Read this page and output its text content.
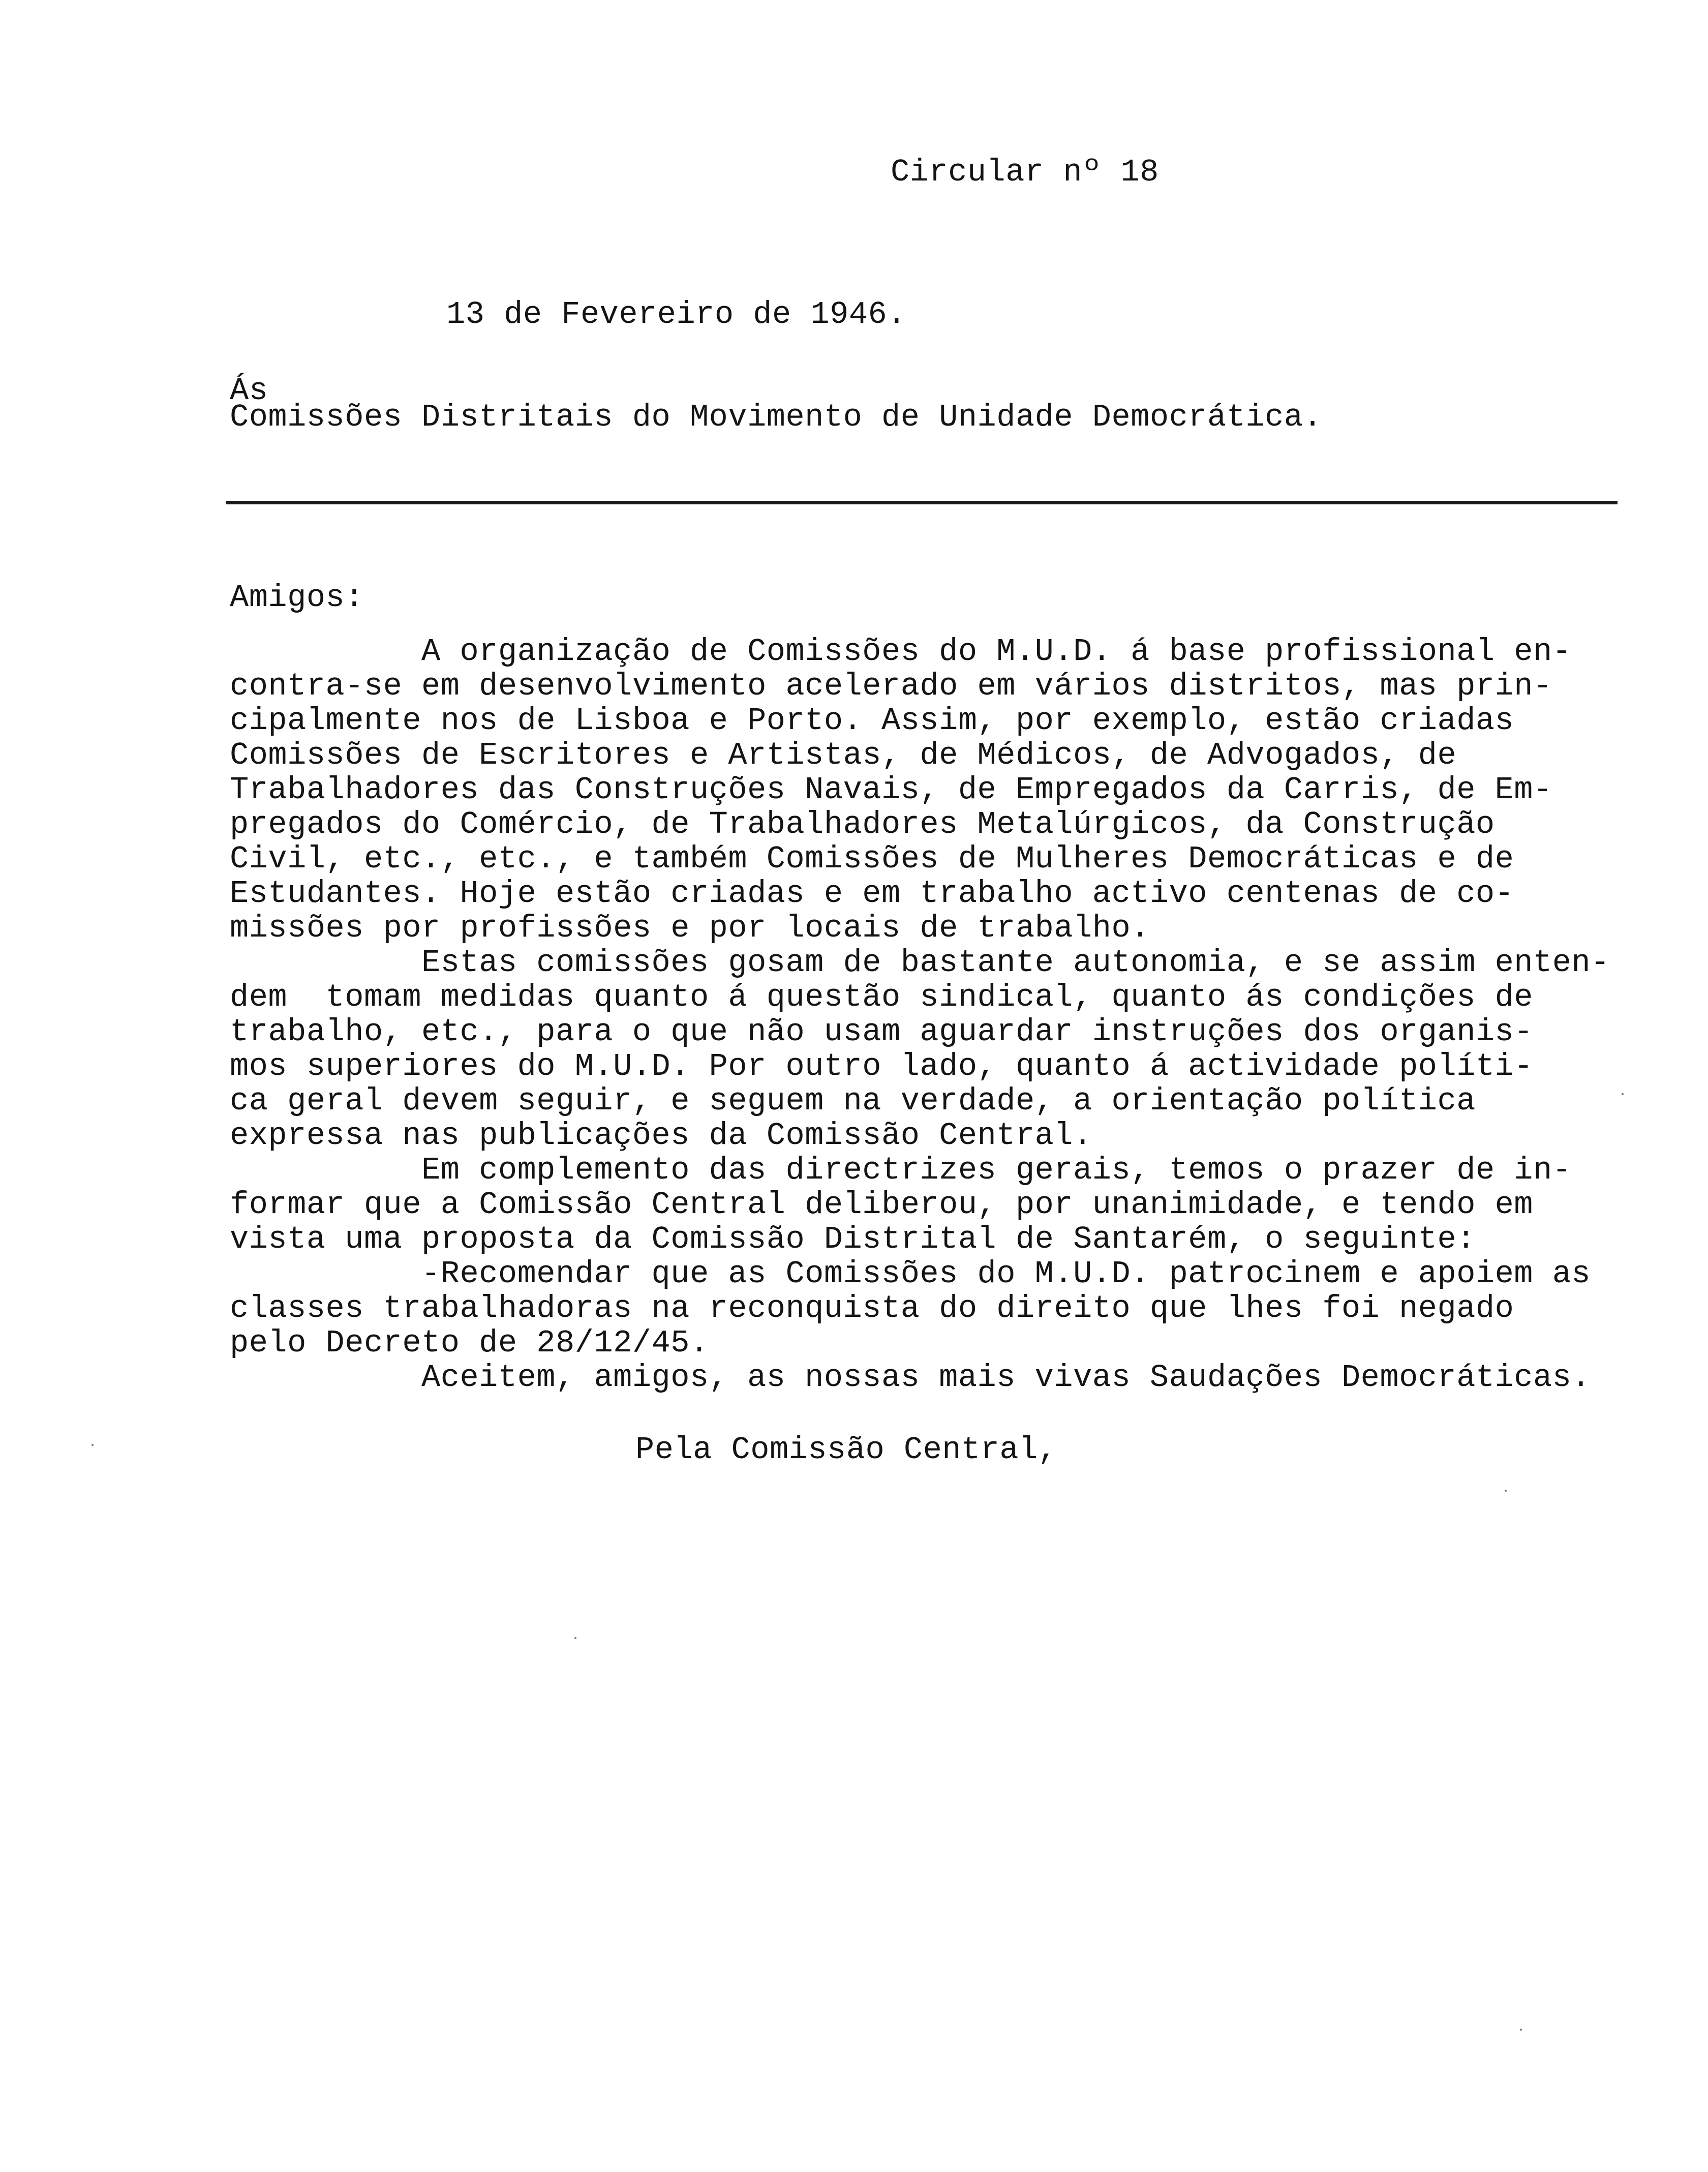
Circular nº 18
13 de Fevereiro de 1946.
Ás
Comissões Distritais do Movimento de Unidade Democrática.
Amigos:
A organização de Comissões do M.U.D. á base profissional en-
contra-se em desenvolvimento acelerado em vários distritos, mas prin-
cipalmente nos de Lisboa e Porto. Assim, por exemplo, estão criadas
Comissões de Escritores e Artistas, de Médicos, de Advogados, de
Trabalhadores das Construções Navais, de Empregados da Carris, de Em-
pregados do Comércio, de Trabalhadores Metalúrgicos, da Construção
Civil, etc., etc., e também Comissões de Mulheres Democráticas e de
Estudantes. Hoje estão criadas e em trabalho activo centenas de co-
missões por profissões e por locais de trabalho.
Estas comissões gosam de bastante autonomia, e se assim enten-
dem  tomam medidas quanto á questão sindical, quanto ás condições de
trabalho, etc., para o que não usam aguardar instruções dos organis-
mos superiores do M.U.D. Por outro lado, quanto á actividade políti-
ca geral devem seguir, e seguem na verdade, a orientação política
expressa nas publicações da Comissão Central.
Em complemento das directrizes gerais, temos o prazer de in-
formar que a Comissão Central deliberou, por unanimidade, e tendo em
vista uma proposta da Comissão Distrital de Santarém, o seguinte:
-Recomendar que as Comissões do M.U.D. patrocinem e apoiem as
classes trabalhadoras na reconquista do direito que lhes foi negado
pelo Decreto de 28/12/45.
Aceitem, amigos, as nossas mais vivas Saudações Democráticas.
Pela Comissão Central,
